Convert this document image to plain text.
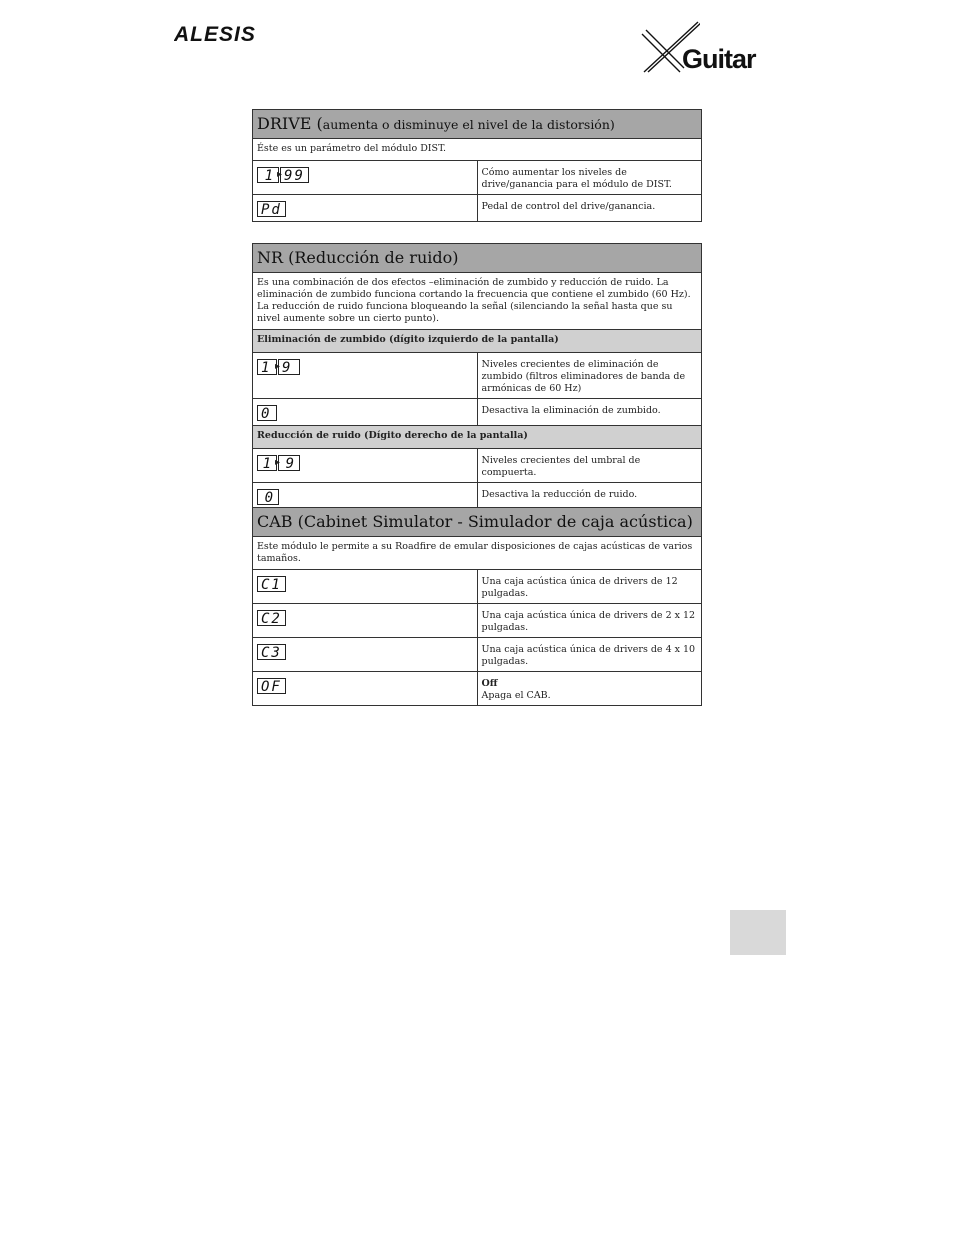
ALESIS
Guitar
DRIVE (aumenta o disminuye el nivel de la distorsión)	
Éste es un parámetro del módulo DIST.	
1 ▸ 99	Cómo aumentar los niveles de drive/ganancia para el módulo de DIST.
Pd	Pedal de control del drive/ganancia.
NR (Reducción de ruido)	
Es una combinación de dos efectos –eliminación de zumbido y reducción de ruido. La eliminación de zumbido funciona cortando la frecuencia que contiene el zumbido (60 Hz). La reducción de ruido funciona bloqueando la señal (silenciando la señal hasta que su nivel aumente sobre un cierto punto).	
Eliminación de zumbido (dígito izquierdo de la pantalla)	
1 ▸ 9	Niveles crecientes de eliminación de zumbido (filtros eliminadores de banda de armónicas de 60 Hz)
0	Desactiva la eliminación de zumbido.
Reducción de ruido (Dígito derecho de la pantalla)	
1 ▸ 9	Niveles crecientes del umbral de compuerta.
0	Desactiva la reducción de ruido.
CAB (Cabinet Simulator - Simulador de caja acústica)	
Este módulo le permite a su Roadfire de emular disposiciones de cajas acústicas de varios tamaños.	
C1	Una caja acústica única de drivers de 12 pulgadas.
C2	Una caja acústica única de drivers de 2 x 12 pulgadas.
C3	Una caja acústica única de drivers de 4 x 10 pulgadas.
OF	Off
Apaga el CAB.
